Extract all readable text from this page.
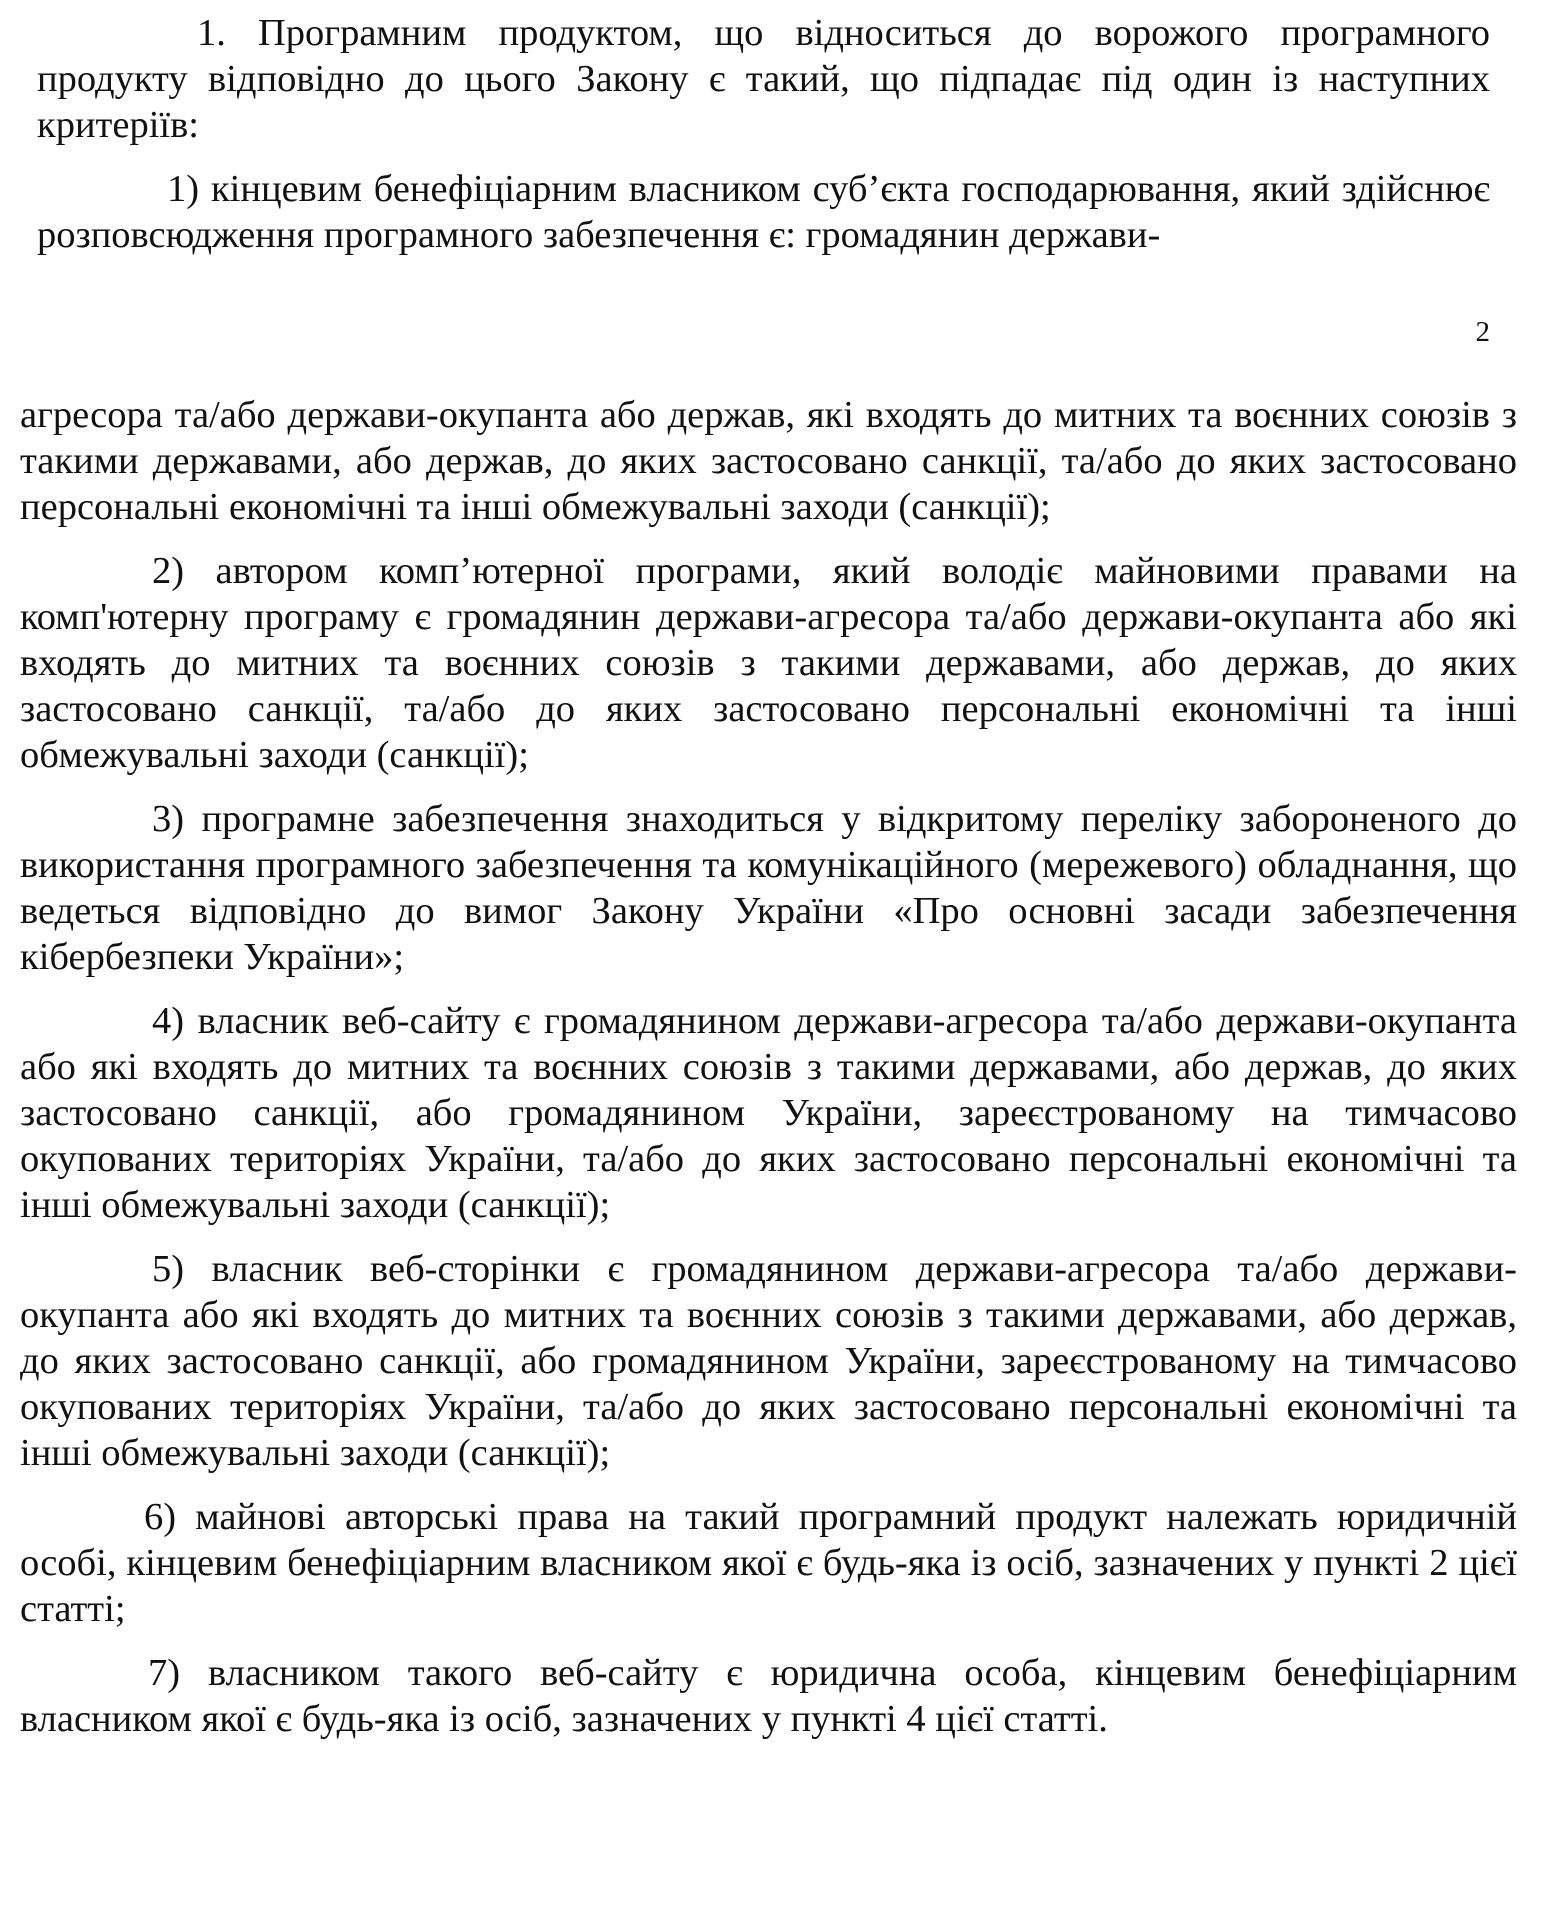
1. Програмним продуктом, що відноситься до ворожого програмного продукту відповідно до цього Закону є такий, що підпадає під один із наступних критеріїв:

1) кінцевим бенефіціарним власником суб’єкта господарювання, який здійснює розповсюдження програмного забезпечення є: громадянин держави-

2

агресора та/або держави-окупанта або держав, які входять до митних та воєнних союзів з такими державами, або держав, до яких застосовано санкції, та/або до яких застосовано персональні економічні та інші обмежувальні заходи (санкції);

2) автором комп’ютерної програми, який володіє майновими правами на комп'ютерну програму є громадянин держави-агресора та/або держави-окупанта або які входять до митних та воєнних союзів з такими державами, або держав, до яких застосовано санкції, та/або до яких застосовано персональні економічні та інші обмежувальні заходи (санкції);

3) програмне забезпечення знаходиться у відкритому переліку забороненого до використання програмного забезпечення та комунікаційного (мережевого) обладнання, що ведеться відповідно до вимог Закону України «Про основні засади забезпечення кібербезпеки України»;

4) власник веб-сайту є громадянином держави-агресора та/або держави-окупанта або які входять до митних та воєнних союзів з такими державами, або держав, до яких застосовано санкції, або громадянином України, зареєстрованому на тимчасово окупованих територіях України, та/або до яких застосовано персональні економічні та інші обмежувальні заходи (санкції);

5) власник веб-сторінки є громадянином держави-агресора та/або держави-окупанта або які входять до митних та воєнних союзів з такими державами, або держав, до яких застосовано санкції, або громадянином України, зареєстрованому на тимчасово окупованих територіях України, та/або до яких застосовано персональні економічні та інші обмежувальні заходи (санкції);

6) майнові авторські права на такий програмний продукт належать юридичній особі, кінцевим бенефіціарним власником якої є будь-яка із осіб, зазначених у пункті 2 цієї статті;

7) власником такого веб-сайту є юридична особа, кінцевим бенефіціарним власником якої є будь-яка із осіб, зазначених у пункті 4 цієї статті.
